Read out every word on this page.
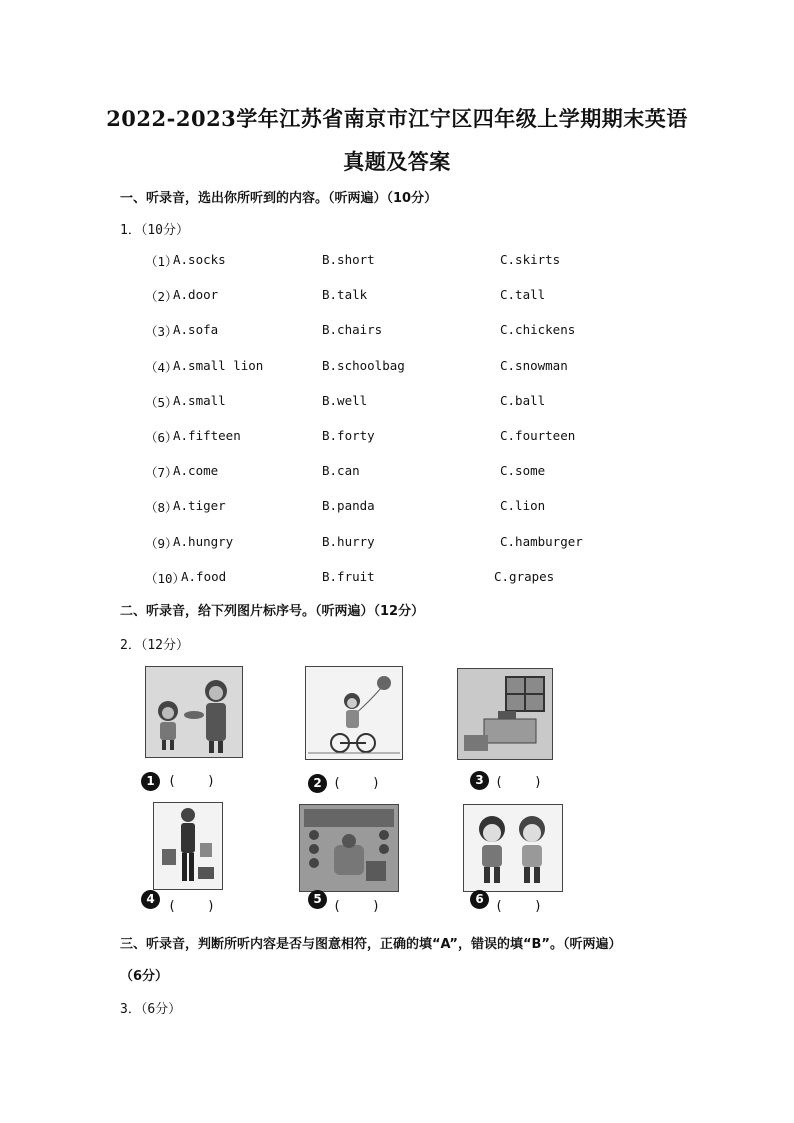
2022-2023学年江苏省南京市江宁区四年级上学期期末英语
真题及答案
一、听录音，选出你所听到的内容。（听两遍）（10分）
1．（10分）
（1）
A.socks	B.short	C.skirts
（2）
A.door	B.talk	C.tall
（3）
A.sofa	B.chairs	C.chickens
（4）
A.small lion	B.schoolbag	C.snowman
（5）
A.small	B.well	C.ball
（6）
A.fifteen	B.forty	C.fourteen
（7）
A.come	B.can	C.some
（8）
A.tiger	B.panda	C.lion
（9）
A.hungry	B.hurry	C.hamburger
（10）
A.food	B.fruit	C.grapes
二、听录音，给下列图片标序号。（听两遍）（12分）
2．（12分）
1	(    )	2 (    )	3 (    )
4	(    )	5 (    )	6 (    )
三、听录音，判断所听内容是否与图意相符，正确的填“A”，错误的填“B”。（听两遍）
（6分）
3．（6分）
